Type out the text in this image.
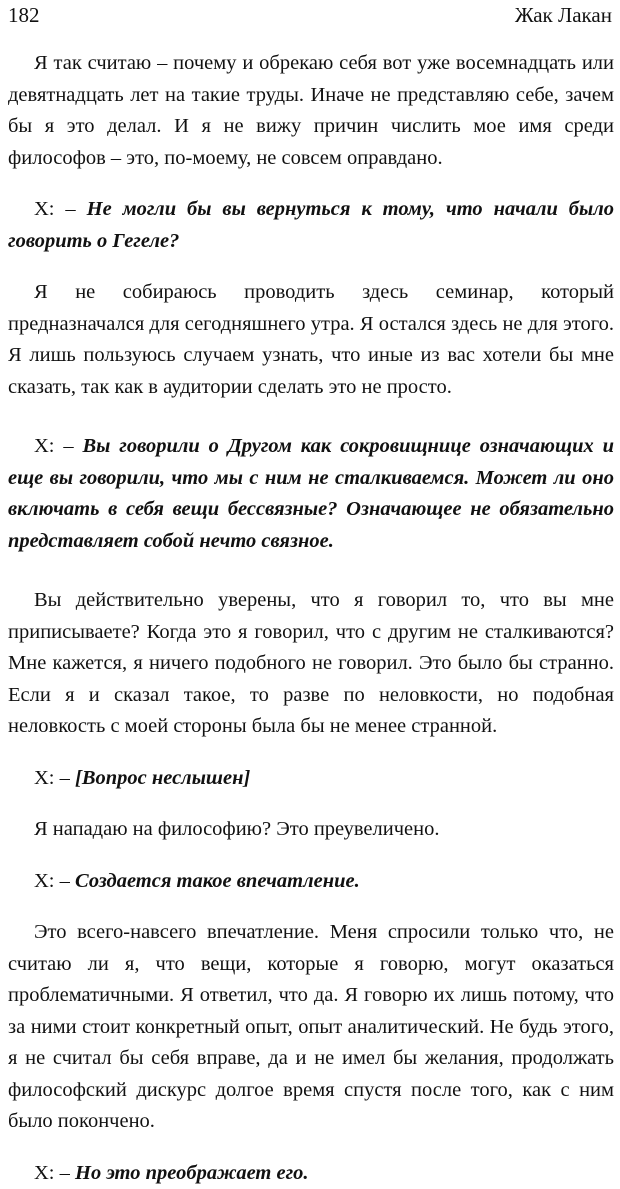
182	Жак Лакан

Я так считаю – почему и обрекаю себя вот уже восемнадцать или девятнадцать лет на такие труды. Иначе не представляю себе, зачем бы я это делал. И я не вижу причин числить мое имя среди философов – это, по-моему, не совсем оправдано.

X: – Не могли бы вы вернуться к тому, что начали было говорить о Гегеле?

Я не собираюсь проводить здесь семинар, который предназначался для сегодняшнего утра. Я остался здесь не для этого. Я лишь пользуюсь случаем узнать, что иные из вас хотели бы мне сказать, так как в аудитории сделать это не просто.

X: – Вы говорили о Другом как сокровищнице означающих и еще вы говорили, что мы с ним не сталкиваемся. Может ли оно включать в себя вещи бессвязные? Означающее не обязательно представляет собой нечто связное.

Вы действительно уверены, что я говорил то, что вы мне приписываете? Когда это я говорил, что с другим не сталкиваются? Мне кажется, я ничего подобного не говорил. Это было бы странно. Если я и сказал такое, то разве по неловкости, но подобная неловкость с моей стороны была бы не менее странной.

X: – [Вопрос неслышен]

Я нападаю на философию? Это преувеличено.

X: – Создается такое впечатление.

Это всего-навсего впечатление. Меня спросили только что, не считаю ли я, что вещи, которые я говорю, могут оказаться проблематичными. Я ответил, что да. Я говорю их лишь потому, что за ними стоит конкретный опыт, опыт аналитический. Не будь этого, я не считал бы себя вправе, да и не имел бы желания, продолжать философский дискурс долгое время спустя после того, как с ним было покончено.

X: – Но это преображает его.
